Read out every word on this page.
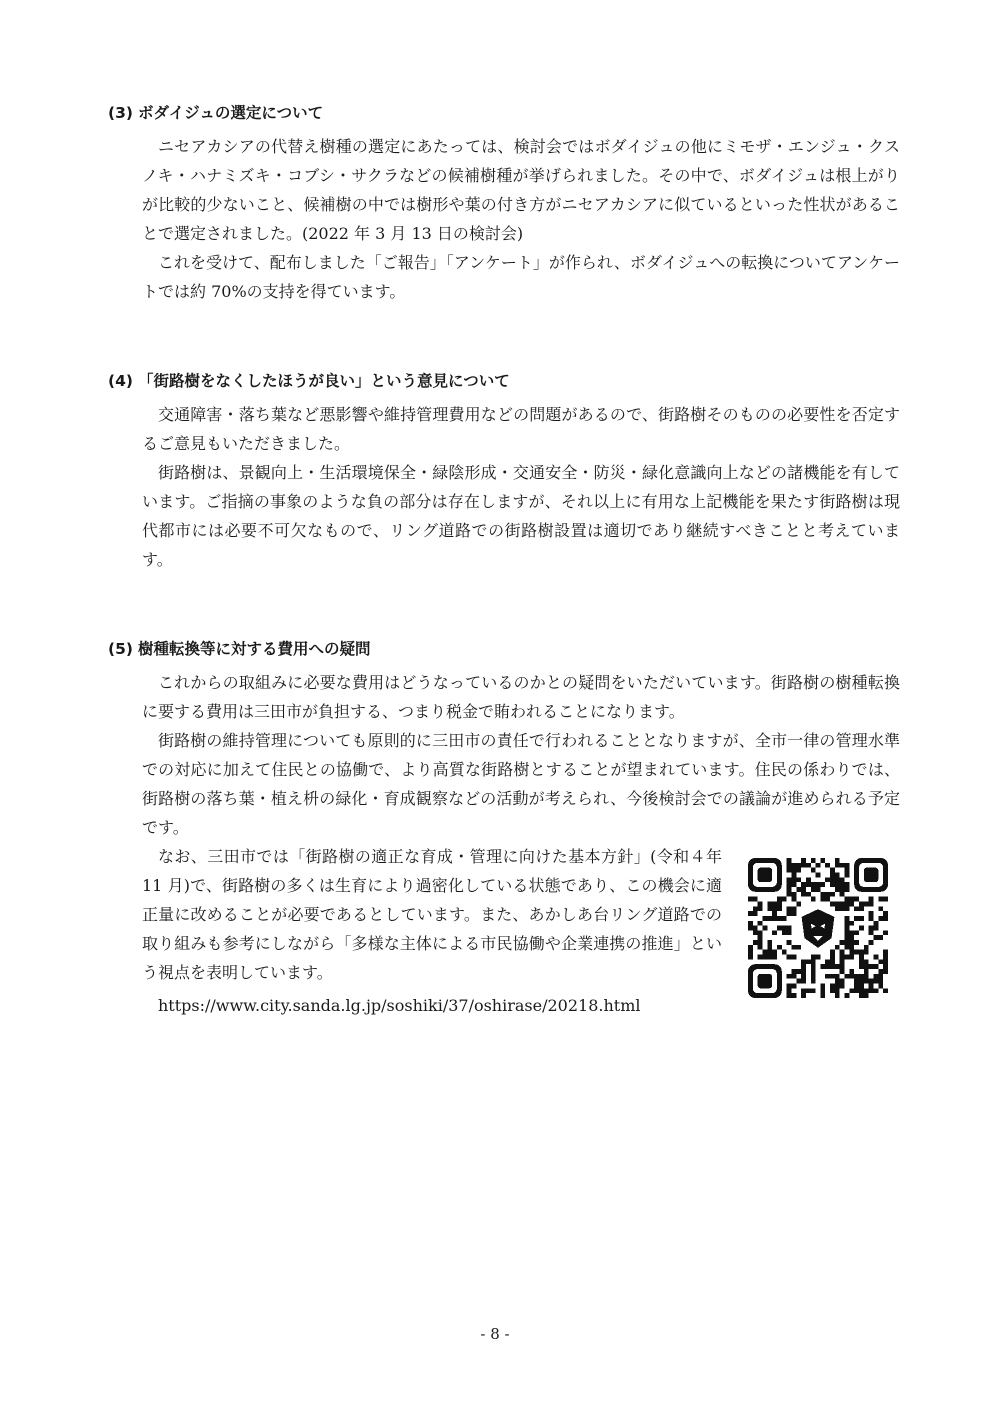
(3) ボダイジュの選定について

ニセアカシアの代替え樹種の選定にあたっては、検討会ではボダイジュの他にミモザ・エンジュ・クスノキ・ハナミズキ・コブシ・サクラなどの候補樹種が挙げられました。その中で、ボダイジュは根上がりが比較的少ないこと、候補樹の中では樹形や葉の付き方がニセアカシアに似ているといった性状があることで選定されました。(2022 年 3 月 13 日の検討会)

これを受けて、配布しました「ご報告」「アンケート」が作られ、ボダイジュへの転換についてアンケートでは約 70%の支持を得ています。

(4) 「街路樹をなくしたほうが良い」という意見について

交通障害・落ち葉など悪影響や維持管理費用などの問題があるので、街路樹そのものの必要性を否定するご意見もいただきました。

街路樹は、景観向上・生活環境保全・緑陰形成・交通安全・防災・緑化意識向上などの諸機能を有しています。ご指摘の事象のような負の部分は存在しますが、それ以上に有用な上記機能を果たす街路樹は現代都市には必要不可欠なもので、リング道路での街路樹設置は適切であり継続すべきことと考えています。

(5) 樹種転換等に対する費用への疑問

これからの取組みに必要な費用はどうなっているのかとの疑問をいただいています。街路樹の樹種転換に要する費用は三田市が負担する、つまり税金で賄われることになります。

街路樹の維持管理についても原則的に三田市の責任で行われることとなりますが、全市一律の管理水準での対応に加えて住民との協働で、より高質な街路樹とすることが望まれています。住民の係わりでは、街路樹の落ち葉・植え枡の緑化・育成観察などの活動が考えられ、今後検討会での議論が進められる予定です。

なお、三田市では「街路樹の適正な育成・管理に向けた基本方針」(令和４年 11 月)で、街路樹の多くは生育により過密化している状態であり、この機会に適正量に改めることが必要であるとしています。また、あかしあ台リング道路での取り組みも参考にしながら「多様な主体による市民協働や企業連携の推進」という視点を表明しています。

https://www.city.sanda.lg.jp/soshiki/37/oshirase/20218.html

- 8 -
